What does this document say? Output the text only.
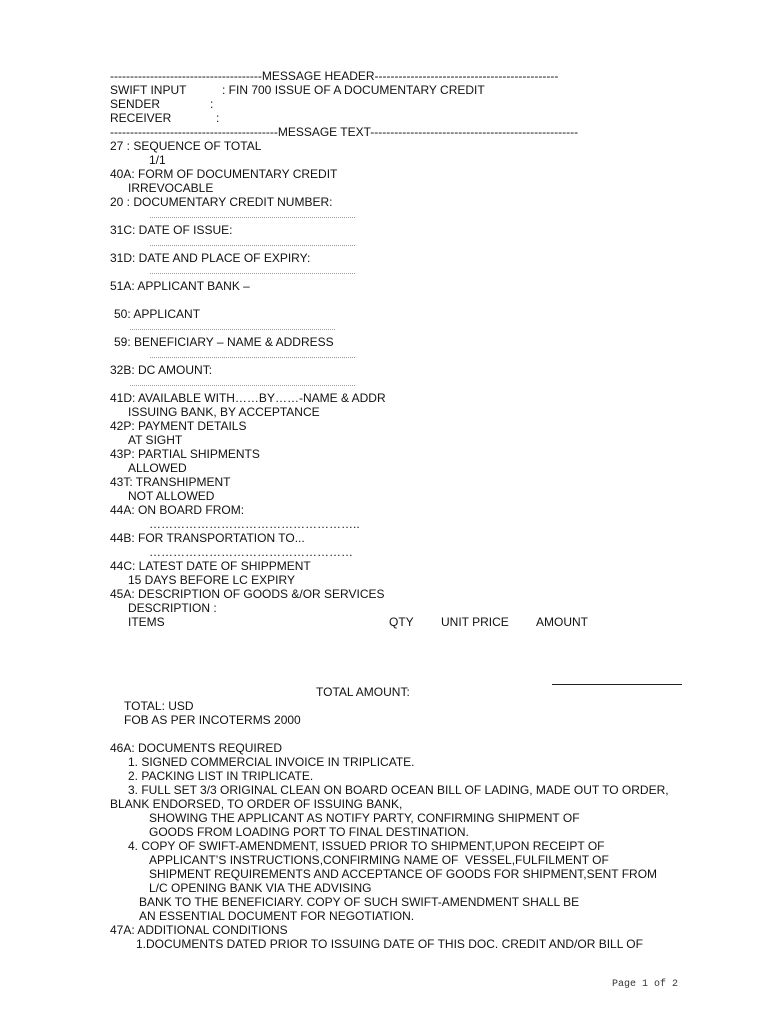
--------------------------------------MESSAGE HEADER----------------------------------------------
SWIFT INPUT	: FIN 700 ISSUE OF A DOCUMENTARY CREDIT
SENDER	:
RECEIVER	:
------------------------------------------MESSAGE TEXT----------------------------------------------------
27 : SEQUENCE OF TOTAL
1/1
40A: FORM OF DOCUMENTARY CREDIT
IRREVOCABLE
20 : DOCUMENTARY CREDIT NUMBER:
31C: DATE OF ISSUE:
31D: DATE AND PLACE OF EXPIRY:
51A: APPLICANT BANK –
50: APPLICANT
59: BENEFICIARY – NAME & ADDRESS
32B: DC AMOUNT:
41D: AVAILABLE WITH……BY……-NAME & ADDR
ISSUING BANK, BY ACCEPTANCE
42P: PAYMENT DETAILS
AT SIGHT
43P: PARTIAL SHIPMENTS
ALLOWED
43T: TRANSHIPMENT
NOT ALLOWED
44A: ON BOARD FROM:
……………………………………………..
44B: FOR TRANSPORTATION TO...
……………………………………………
44C: LATEST DATE OF SHIPPMENT
15 DAYS BEFORE LC EXPIRY
45A: DESCRIPTION OF GOODS &/OR SERVICES
DESCRIPTION :
ITEMS	QTY UNIT PRICE AMOUNT
TOTAL AMOUNT:
TOTAL: USD
FOB AS PER INCOTERMS 2000
46A: DOCUMENTS REQUIRED
1. SIGNED COMMERCIAL INVOICE IN TRIPLICATE.
2. PACKING LIST IN TRIPLICATE.
3. FULL SET 3/3 ORIGINAL CLEAN ON BOARD OCEAN BILL OF LADING, MADE OUT TO ORDER,
BLANK ENDORSED, TO ORDER OF ISSUING BANK,
SHOWING THE APPLICANT AS NOTIFY PARTY, CONFIRMING SHIPMENT OF
GOODS FROM LOADING PORT TO FINAL DESTINATION.
4. COPY OF SWIFT-AMENDMENT, ISSUED PRIOR TO SHIPMENT,UPON RECEIPT OF
APPLICANT’S INSTRUCTIONS,CONFIRMING NAME OF  VESSEL,FULFILMENT OF
SHIPMENT REQUIREMENTS AND ACCEPTANCE OF GOODS FOR SHIPMENT,SENT FROM
L/C OPENING BANK VIA THE ADVISING
BANK TO THE BENEFICIARY. COPY OF SUCH SWIFT-AMENDMENT SHALL BE
AN ESSENTIAL DOCUMENT FOR NEGOTIATION.
47A: ADDITIONAL CONDITIONS
1.DOCUMENTS DATED PRIOR TO ISSUING DATE OF THIS DOC. CREDIT AND/OR BILL OF
Page 1 of 2
